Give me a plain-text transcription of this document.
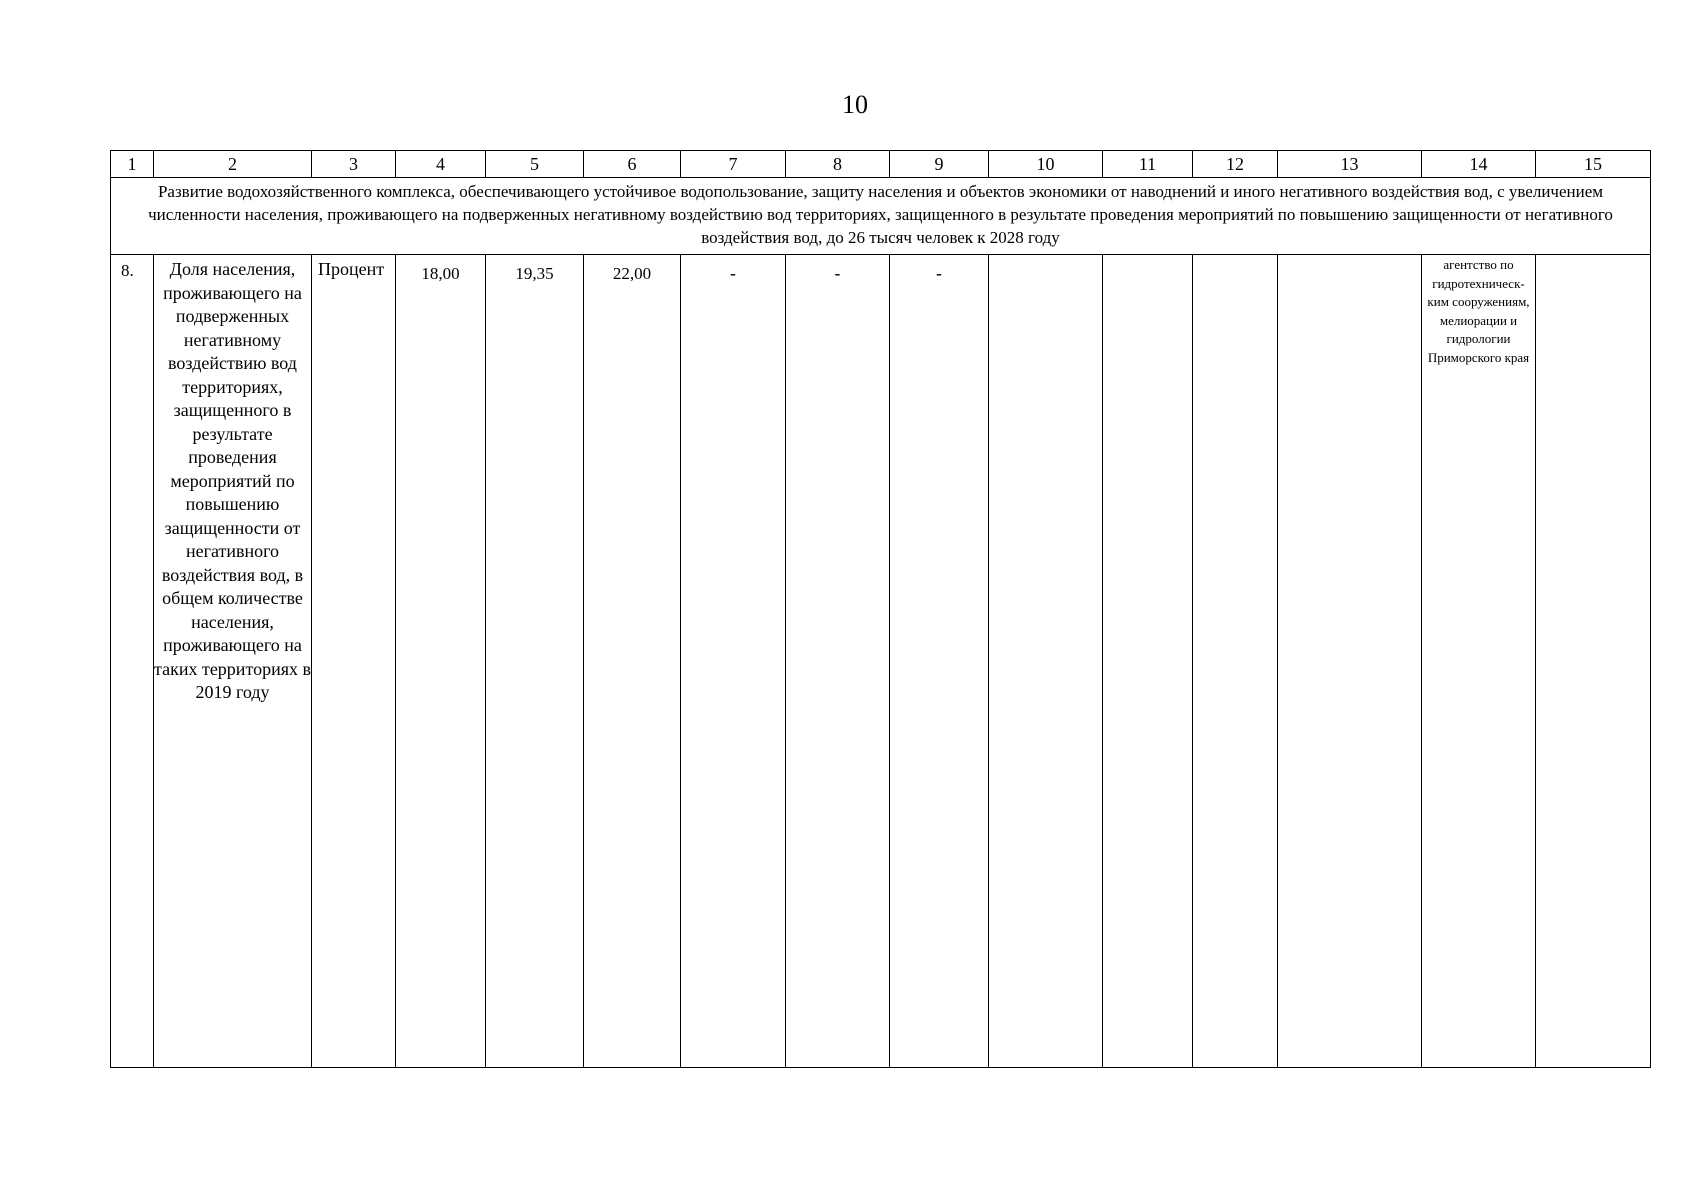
10
1	2	3	4	5	6	7	8	9	10	11	12	13	14	15
Развитие водохозяйственного комплекса, обеспечивающего устойчивое водопользование, защиту населения и объектов экономики от наводнений и иного негативного воздействия вод, с увеличением численности населения, проживающего на подверженных негативному воздействию вод территориях, защищенного в результате проведения мероприятий по повышению защищенности от негативного воздействия вод, до 26 тысяч человек к 2028 году														
8.	Доля населения, проживающего на подверженных негативному воздействию вод территориях, защищенного в результате проведения мероприятий по повышению защищенности от негативного воздействия вод, в общем количестве населения, проживающего на таких территориях в 2019 году	Процент	18,00	19,35	22,00	-	-	-					агентство по гидротехническ-ким сооружениям, мелиорации и гидрологии Приморского края	
